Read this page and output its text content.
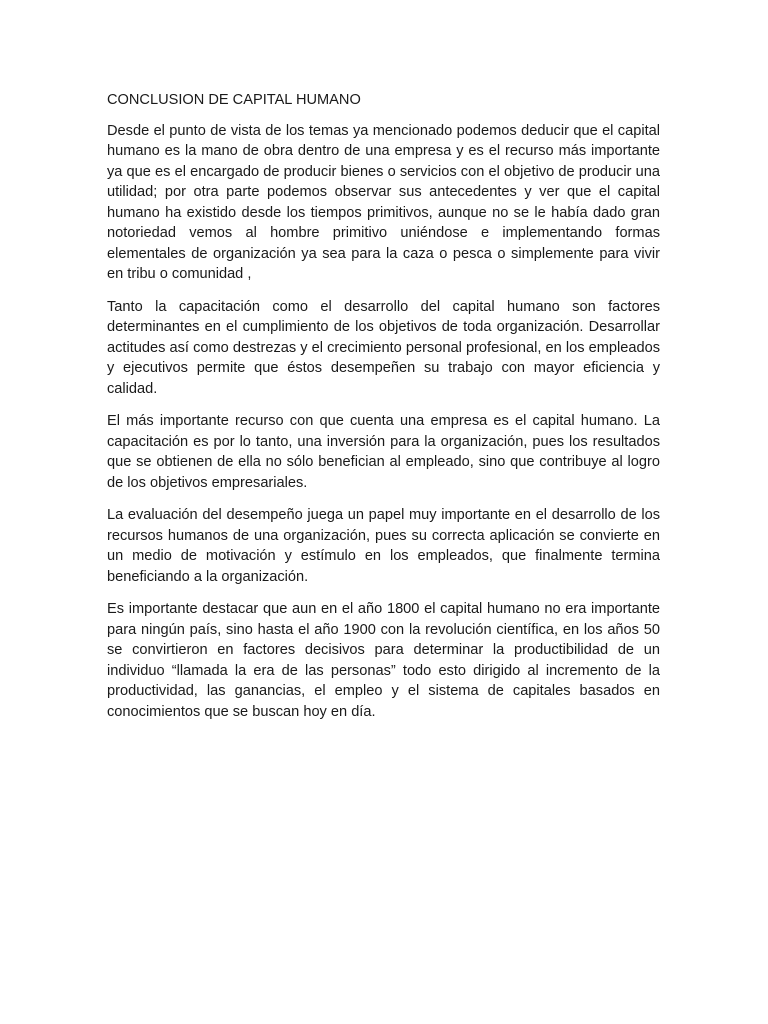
CONCLUSION DE CAPITAL HUMANO

Desde el punto de vista de los temas ya mencionado podemos deducir que el capital humano es la mano de obra dentro de una empresa y es el recurso más importante ya que es el encargado de producir bienes o servicios con el objetivo de producir una utilidad; por otra parte podemos observar sus antecedentes y ver que el capital humano ha existido desde los tiempos primitivos, aunque no se le había dado gran notoriedad vemos al hombre primitivo uniéndose e implementando formas elementales de organización ya sea para la caza o pesca o simplemente para vivir en tribu o comunidad ,

Tanto la capacitación como el desarrollo del capital humano son factores determinantes en el cumplimiento de los objetivos de toda organización. Desarrollar actitudes así como destrezas y el crecimiento personal profesional, en los empleados y ejecutivos permite que éstos desempeñen su trabajo con mayor eficiencia y calidad.

El más importante recurso con que cuenta una empresa es el capital humano. La capacitación es por lo tanto, una inversión para la organización, pues los resultados que se obtienen de ella no sólo benefician al empleado, sino que contribuye al logro de los objetivos empresariales.

La evaluación del desempeño juega un papel muy importante en el desarrollo de los recursos humanos de una organización, pues su correcta aplicación se convierte en un medio de motivación y estímulo en los empleados, que finalmente termina beneficiando a la organización.

Es importante destacar que aun en el año 1800 el capital humano no era importante para ningún país, sino hasta el año 1900 con la revolución científica, en los años 50 se convirtieron en factores decisivos para determinar la productibilidad de un individuo “llamada la era de las personas” todo esto dirigido al incremento de la productividad, las ganancias, el empleo y el sistema de capitales basados en conocimientos que se buscan hoy en día.
